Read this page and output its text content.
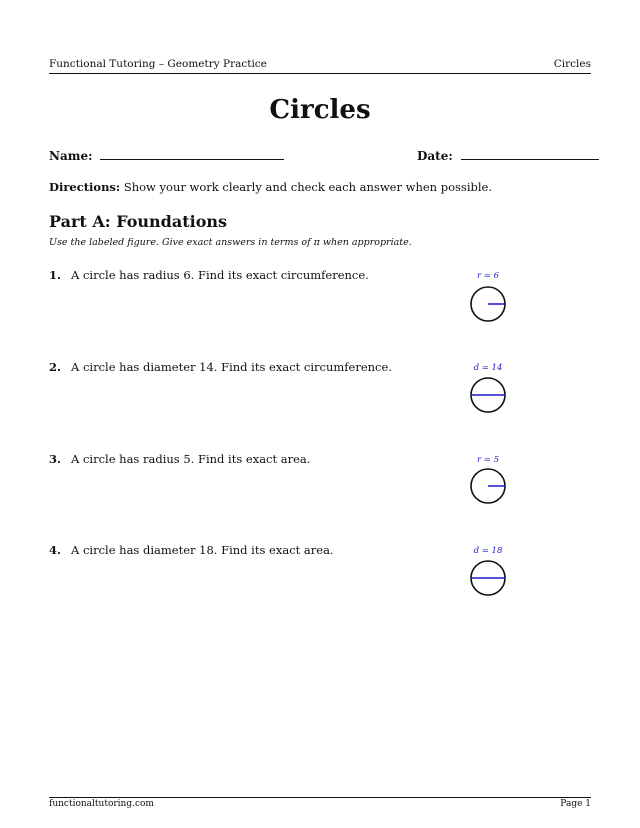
Functional Tutoring – Geometry Practice	Circles
Circles
Name:	Date:
Directions: Show your work clearly and check each answer when possible.
Part A: Foundations
Use the labeled figure. Give exact answers in terms of π when appropriate.
1. A circle has radius 6. Find its exact circumference.	r = 6
2. A circle has diameter 14. Find its exact circumference.	d = 14
3. A circle has radius 5. Find its exact area.	r = 5
4. A circle has diameter 18. Find its exact area.	d = 18
functionaltutoring.com	Page 1
